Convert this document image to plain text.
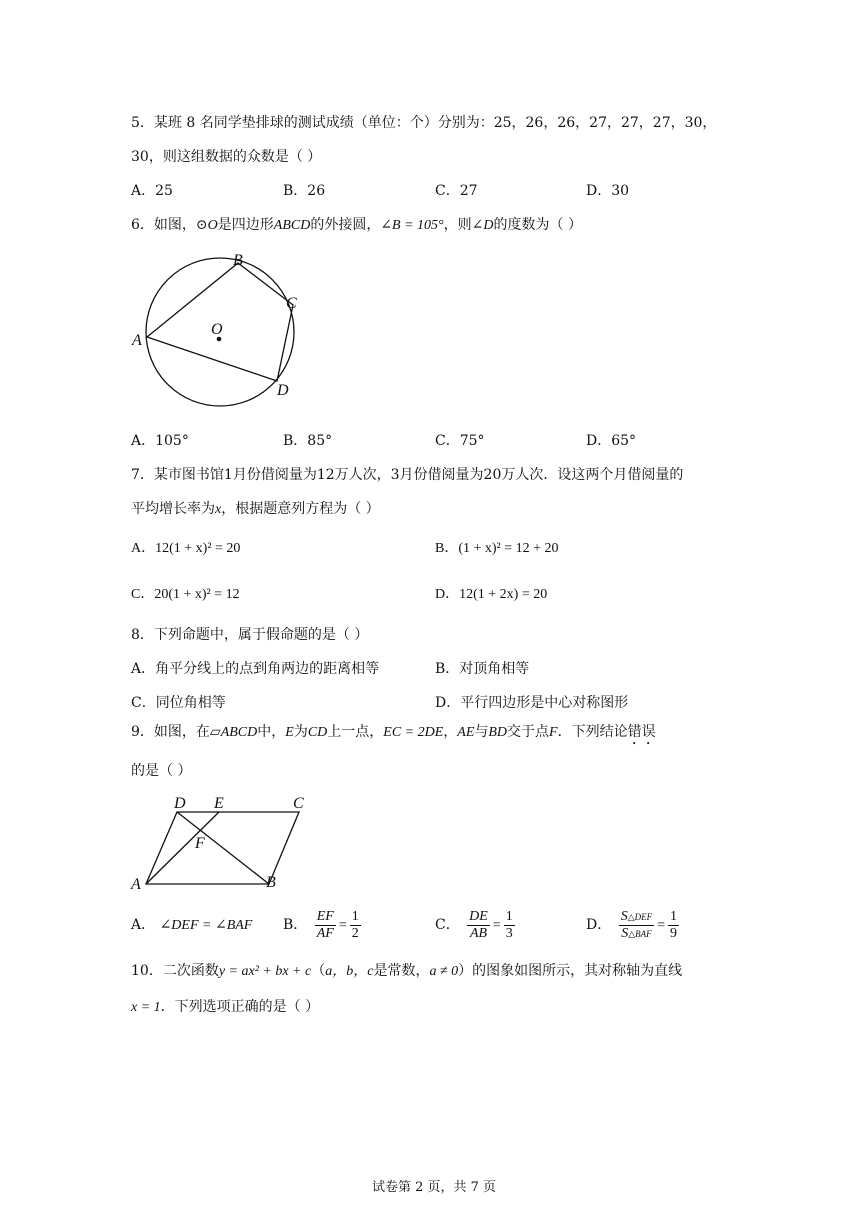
5．某班 8 名同学垫排球的测试成绩（单位：个）分别为：25，26，26，27，27，27，30，
30，则这组数据的众数是（ ）
A．25	B．26	C．27	D．30
6．如图，⊙O是四边形ABCD的外接圆，∠B = 105°，则∠D的度数为（ ）
O
A
B
C
D
A．105°	B．85°	C．75°	D．65°
7．某市图书馆1月份借阅量为12万人次，3月份借阅量为20万人次．设这两个月借阅量的
平均增长率为x，根据题意列方程为（ ）
A．12(1 + x)² = 20	B．(1 + x)² = 12 + 20
C．20(1 + x)² = 12	D．12(1 + 2x) = 20
8．下列命题中，属于假命题的是（ ）
A．角平分线上的点到角两边的距离相等	B．对顶角相等
C．同位角相等	D．平行四边形是中心对称图形
9．如图，在▱ABCD中，E为CD上一点，EC = 2DE，AE与BD交于点F．下列结论错误
的是（ ）
D E	C
F
A	B
A． ∠DEF = ∠BAF B． $\frac{EF}{AF} = \frac{1}{2}$	C． $\frac{DE}{AB} = \frac{1}{3}$	D． $\frac{\text{S△DEF}}{\text{S△BAF}} = \frac{1}{9}$
10．二次函数y = ax² + bx + c（a，b，c是常数，a ≠ 0）的图象如图所示，其对称轴为直线
x = 1．下列选项正确的是（ ）
试卷第 2 页，共 7 页
